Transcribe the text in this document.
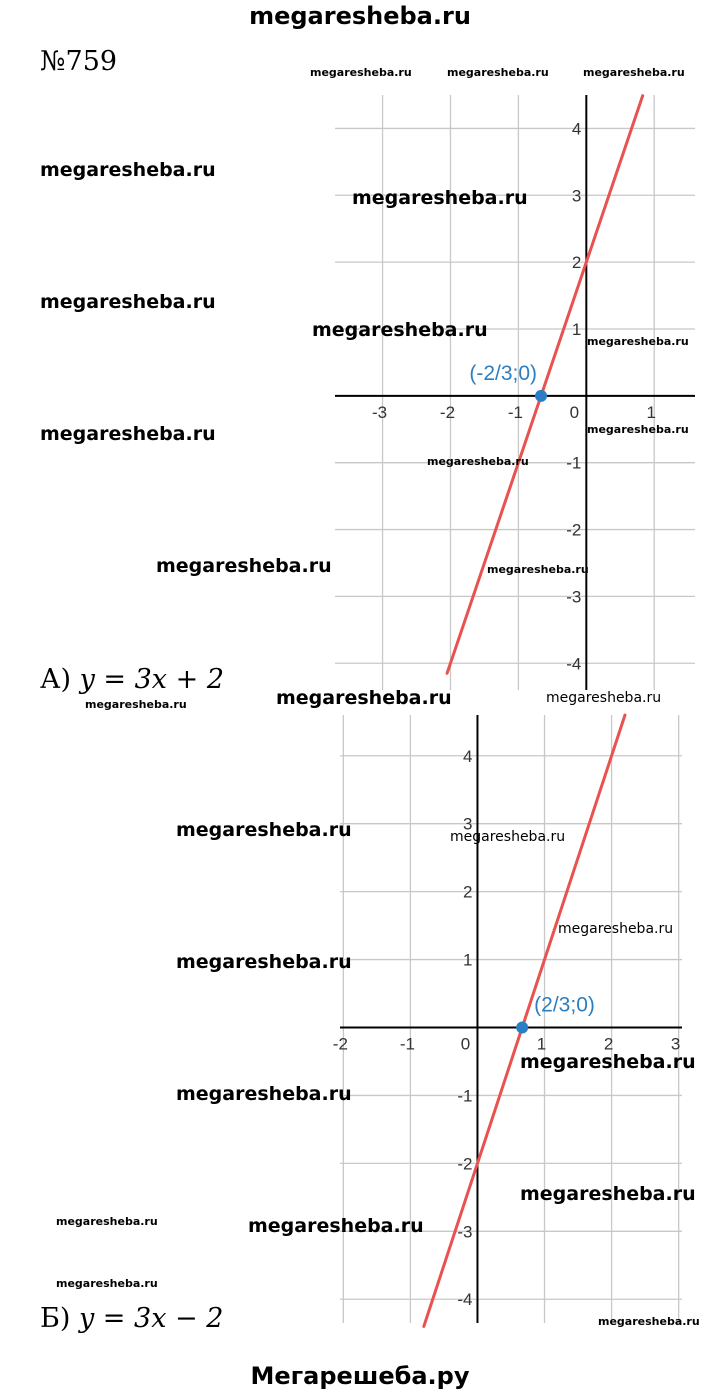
megaresheba.ru
№759
Мегарешеба.ру
А) y = 3x + 2
Б) y = 3x − 2
-3	-2	-1	0	1
4
3
2
1
-1
-2
-3
-4
(-2/3;0)
-2	-1	0	1	2	3
4
3
2
1
-1
-2
-3
-4
(2/3;0)
megaresheba.ru	megaresheba.ru	megaresheba.ru
megaresheba.ru
megaresheba.ru
megaresheba.ru
megaresheba.ru
megaresheba.ru
megaresheba.ru
megaresheba.ru
megaresheba.ru
megaresheba.ru	megaresheba.ru
megaresheba.ru	megaresheba.ru
megaresheba.ru
megaresheba.ru	megaresheba.ru
megaresheba.ru
megaresheba.ru
megaresheba.ru
megaresheba.ru
megaresheba.ru
megaresheba.ru	megaresheba.ru
megaresheba.ru
megaresheba.ru
